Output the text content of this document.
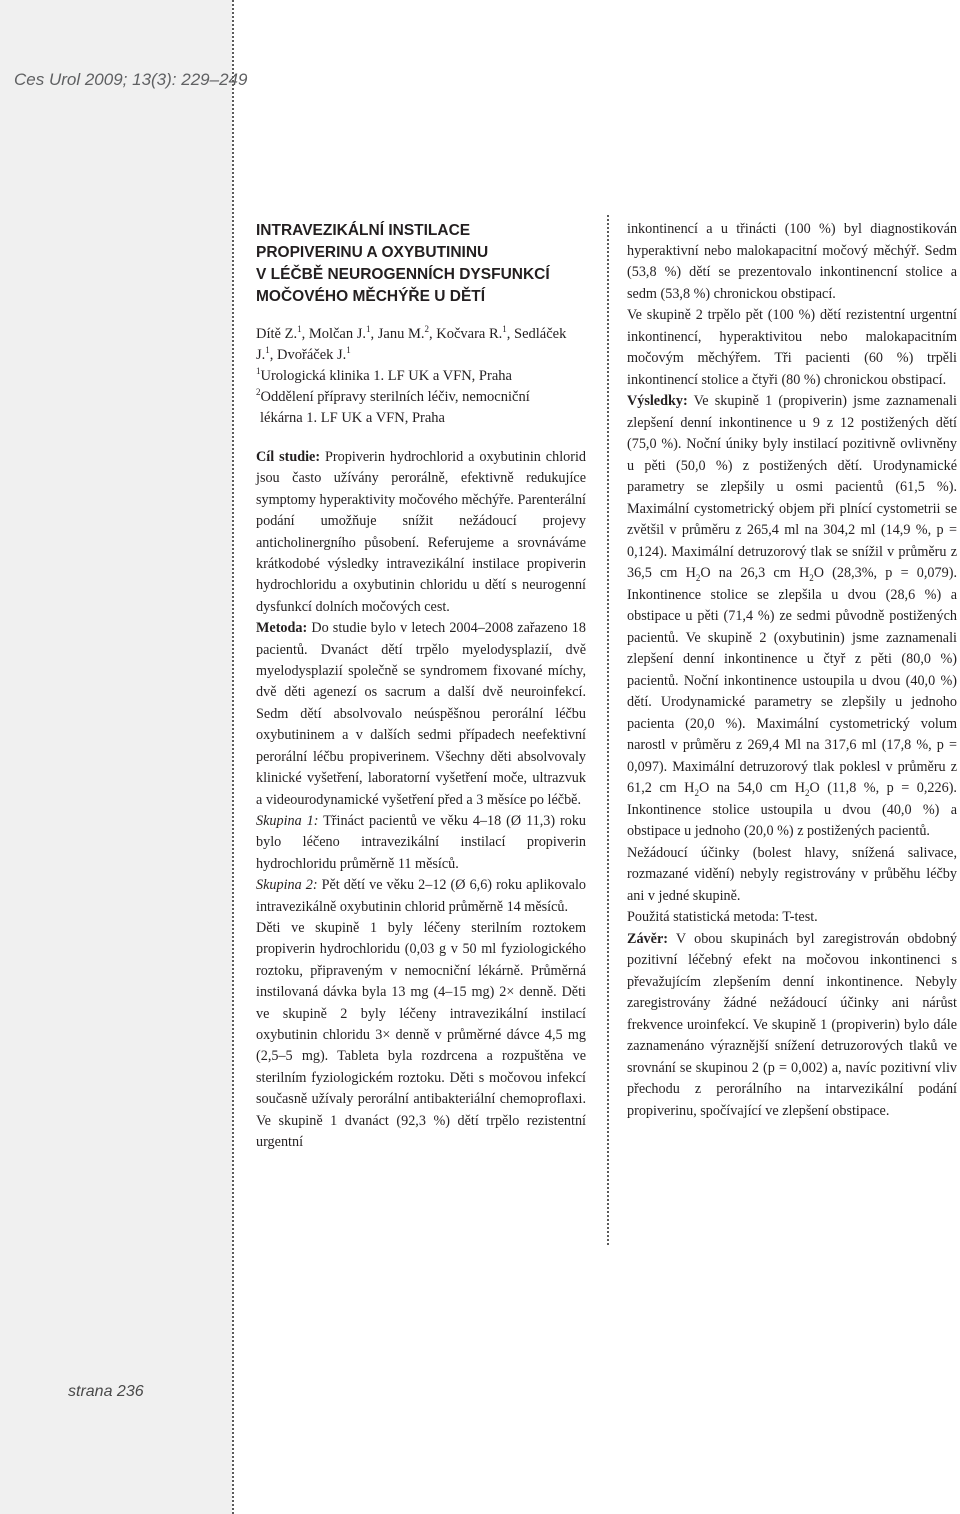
Ces Urol 2009; 13(3): 229–249
strana 236
INTRAVEZIKÁLNÍ INSTILACE
PROPIVERINU A OXYBUTININU
V LÉČBĚ NEUROGENNÍCH DYSFUNKCÍ
MOČOVÉHO MĚCHÝŘE U DĚTÍ

Dítě Z.$^1$, Molčan J.$^1$, Janu M.$^2$, Kočvara R.$^1$, Sedláček J.$^1$, Dvořáček J.$^1$

$^1$Urologická klinika 1. LF UK a VFN, Praha

$^2$Oddělení přípravy sterilních léčiv, nemocniční

lékárna 1. LF UK a VFN, Praha

Cíl studie: Propiverin hydrochlorid a oxybutinin chlorid jsou často užívány perorálně, efektivně redukujíce symptomy hyperaktivity močového měchýře. Parenterální podání umožňuje snížit nežádoucí projevy anticholinergního působení. Referujeme a srovnáváme krátkodobé výsledky intravezikální instilace propiverin hydrochloridu a oxybutinin chloridu u dětí s neurogenní dysfunkcí dolních močových cest.

Metoda: Do studie bylo v letech 2004–2008 zařazeno 18 pacientů. Dvanáct dětí trpělo myelodysplazií, dvě myelodysplazií společně se syndromem fixované míchy, dvě děti agenezí os sacrum a další dvě neuroinfekcí. Sedm dětí absolvovalo neúspěšnou perorální léčbu oxybutininem a v dalších sedmi případech neefektivní perorální léčbu propiverinem. Všechny děti absolvovaly klinické vyšetření, laboratorní vyšetření moče, ultrazvuk a videourodynamické vyšetření před a 3 měsíce po léčbě.

Skupina 1: Třináct pacientů ve věku 4–18 (Ø 11,3) roku bylo léčeno intravezikální instilací propiverin hydrochloridu průměrně 11 měsíců.

Skupina 2: Pět dětí ve věku 2–12 (Ø 6,6) roku aplikovalo intravezikálně oxybutinin chlorid průměrně 14 měsíců.

Děti ve skupině 1 byly léčeny sterilním roztokem propiverin hydrochloridu (0,03 g v 50 ml fyziologického roztoku, připraveným v nemocniční lékárně. Průměrná instilovaná dávka byla 13 mg (4–15 mg) 2× denně. Děti ve skupině 2 byly léčeny intravezikální instilací oxybutinin chloridu 3× denně v průměrné dávce 4,5 mg (2,5–5 mg). Tableta byla rozdrcena a rozpuštěna ve sterilním fyziologickém roztoku. Děti s močovou infekcí současně užívaly perorální antibakteriální chemoproflaxi. Ve skupině 1 dvanáct (92,3 %) dětí trpělo rezistentní urgentní

inkontinencí a u třinácti (100 %) byl diagnostikován hyperaktivní nebo malokapacitní močový měchýř. Sedm (53,8 %) dětí se prezentovalo inkontinencní stolice a sedm (53,8 %) chronickou obstipací.

Ve skupině 2 trpělo pět (100 %) dětí rezistentní urgentní inkontinencí, hyperaktivitou nebo malokapacitním močovým měchýřem. Tři pacienti (60 %) trpěli inkontinencí stolice a čtyři (80 %) chronickou obstipací.

Výsledky: Ve skupině 1 (propiverin) jsme zaznamenali zlepšení denní inkontinence u 9 z 12 postižených dětí (75,0 %). Noční úniky byly instilací pozitivně ovlivněny u pěti (50,0 %) z postižených dětí. Urodynamické parametry se zlepšily u osmi pacientů (61,5 %). Maximální cystometrický objem při plnící cystometrii se zvětšil v průměru z 265,4 ml na 304,2 ml (14,9 %, p = 0,124). Maximální detruzorový tlak se snížil v průměru z 36,5 cm $H_2O$ na 26,3 cm $H_2O$ (28,3%, p = 0,079). Inkontinence stolice se zlepšila u dvou (28,6 %) a obstipace u pěti (71,4 %) ze sedmi původně postižených pacientů. Ve skupině 2 (oxybutinin) jsme zaznamenali zlepšení denní inkontinence u čtyř z pěti (80,0 %) pacientů. Noční inkontinence ustoupila u dvou (40,0 %) dětí. Urodynamické parametry se zlepšily u jednoho pacienta (20,0 %). Maximální cystometrický volum narostl v průměru z 269,4 Ml na 317,6 ml (17,8 %, p = 0,097). Maximální detruzorový tlak poklesl v průměru z 61,2 cm $H_2O$ na 54,0 cm $H_2O$ (11,8 %, p = 0,226). Inkontinence stolice ustoupila u dvou (40,0 %) a obstipace u jednoho (20,0 %) z postižených pacientů.

Nežádoucí účinky (bolest hlavy, snížená salivace, rozmazané vidění) nebyly registrovány v průběhu léčby ani v jedné skupině.

Použitá statistická metoda: T-test.

Závěr: V obou skupinách byl zaregistrován obdobný pozitivní léčebný efekt na močovou inkontinenci s převažujícím zlepšením denní inkontinence. Nebyly zaregistrovány žádné nežádoucí účinky ani nárůst frekvence uroinfekcí. Ve skupině 1 (propiverin) bylo dále zaznamenáno výraznější snížení detruzorových tlaků ve srovnání se skupinou 2 (p = 0,002) a, navíc pozitivní vliv přechodu z perorálního na intarvezikální podání propiverinu, spočívající ve zlepšení obstipace.
